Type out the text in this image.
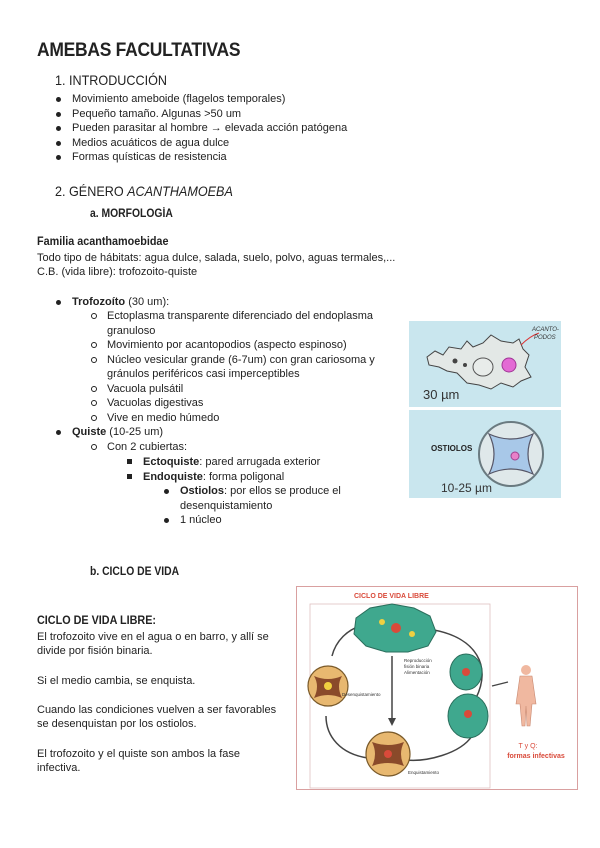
AMEBAS FACULTATIVAS
1. INTRODUCCIÓN
Movimiento ameboide (flagelos temporales)
Pequeño tamaño. Algunas >50 um
Pueden parasitar al hombre → elevada acción patógena
Medios acuáticos de agua dulce
Formas quísticas de resistencia
2. GÉNERO ACANTHAMOEBA
a. MORFOLOGÍA
Familia acanthamoebidae
Todo tipo de hábitats: agua dulce, salada, suelo, polvo, aguas termales,...
C.B. (vida libre): trofozoito-quiste
Trofozoíto (30 um):
Ectoplasma transparente diferenciado del endoplasma
granuloso
Movimiento por acantopodios (aspecto espinoso)
Núcleo vesicular grande (6-7um) con gran cariosoma y
gránulos periféricos casi imperceptibles
Vacuola pulsátil
Vacuolas digestivas
Vive en medio húmedo
Quiste (10-25 um)
Con 2 cubiertas:
Ectoquiste: pared arrugada exterior
Endoquiste: forma poligonal
Ostiolos: por ellos se produce el
desenquistamiento
1 núcleo
ACANTO-
PODOS
30 µm
OSTIOLOS
10-25 µm
b. CICLO DE VIDA
CICLO DE VIDA LIBRE:
El trofozoito vive en el agua o en barro, y allí se
divide por fisión binaria.
Si el medio cambia, se enquista.
Cuando las condiciones vuelven a ser favorables
se desenquistan por los ostiolos.
El trofozoito y el quiste son ambos la fase
infectiva.
CICLO DE VIDA LIBRE
Reproducción
fisión binaria
Alimentación
Desenquistamiento
Enquistamiento
T y Q:
formas infectivas
